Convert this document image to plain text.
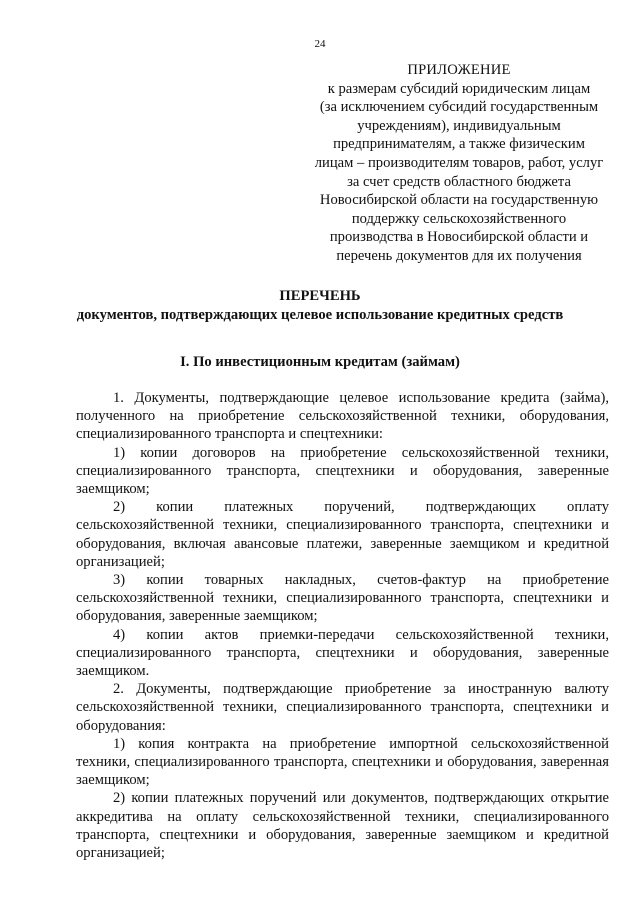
24
ПРИЛОЖЕНИЕ
к размерам субсидий юридическим лицам
(за исключением субсидий государственным
учреждениям), индивидуальным
предпринимателям, а также физическим
лицам – производителям товаров, работ, услуг
за счет средств областного бюджета
Новосибирской области на государственную
поддержку сельскохозяйственного
производства в Новосибирской области и
перечень документов для их получения
ПЕРЕЧЕНЬ
документов, подтверждающих целевое использование кредитных средств
I. По инвестиционным кредитам (займам)

1. Документы, подтверждающие целевое использование кредита (займа), полученного на приобретение сельскохозяйственной техники, оборудования, специализированного транспорта и спецтехники:

1) копии договоров на приобретение сельскохозяйственной техники, специализированного транспорта, спецтехники и оборудования, заверенные заемщиком;

2) копии платежных поручений, подтверждающих оплату сельскохозяйственной техники, специализированного транспорта, спецтехники и оборудования, включая авансовые платежи, заверенные заемщиком и кредитной организацией;

3) копии товарных накладных, счетов-фактур на приобретение сельскохозяйственной техники, специализированного транспорта, спецтехники и оборудования, заверенные заемщиком;

4) копии актов приемки-передачи сельскохозяйственной техники, специализированного транспорта, спецтехники и оборудования, заверенные заемщиком.

2. Документы, подтверждающие приобретение за иностранную валюту сельскохозяйственной техники, специализированного транспорта, спецтехники и оборудования:

1) копия контракта на приобретение импортной сельскохозяйственной техники, специализированного транспорта, спецтехники и оборудования, заверенная заемщиком;

2) копии платежных поручений или документов, подтверждающих открытие аккредитива на оплату сельскохозяйственной техники, специализированного транспорта, спецтехники и оборудования, заверенные заемщиком и кредитной организацией;
